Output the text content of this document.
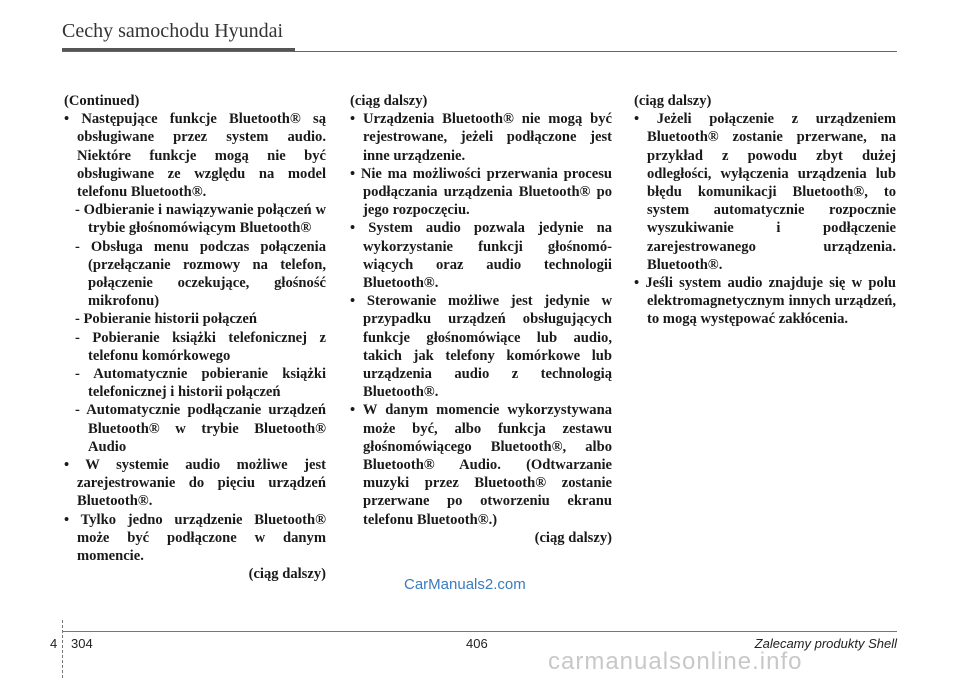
Cechy samochodu Hyundai

(Continued)

• Następujące funkcje Bluetooth® są obsługiwane przez system audio. Niektóre funkcje mogą nie być obsługiwane ze względu na model telefonu Bluetooth®.

- Odbieranie i nawiązywanie połączeń w trybie głośnomówiącym Bluetooth®

- Obsługa menu podczas połączenia (przełączanie rozmowy na telefon, połączenie oczekujące, głośność mikrofonu)

- Pobieranie historii połączeń

- Pobieranie książki telefonicznej z telefonu komórkowego

- Automatycznie pobieranie książki telefonicznej i historii połączeń

- Automatycznie podłączanie urządzeń Bluetooth® w trybie Bluetooth® Audio

• W systemie audio możliwe jest zarejestrowanie do pięciu urządzeń Bluetooth®.

• Tylko jedno urządzenie Bluetooth® może być podłączone w danym momencie.

(ciąg dalszy)

(ciąg dalszy)

• Urządzenia Bluetooth® nie mogą być rejestrowane, jeżeli podłączone jest inne urządzenie.

• Nie ma możliwości przerwania procesu podłączania urządzenia Bluetooth® po jego rozpoczęciu.

• System audio pozwala jedynie na wykorzystanie funkcji głośnomówiących oraz audio technologii Bluetooth®.

• Sterowanie możliwe jest jedynie w przypadku urządzeń obsługujących funkcje głośnomówiące lub audio, takich jak telefony komórkowe lub urządzenia audio z technologią Bluetooth®.

• W danym momencie wykorzystywana może być, albo funkcja zestawu głośnomówiącego Bluetooth®, albo Bluetooth® Audio. (Odtwarzanie muzyki przez Bluetooth® zostanie przerwane po otworzeniu ekranu telefonu Bluetooth®.)

(ciąg dalszy)

(ciąg dalszy)

• Jeżeli połączenie z urządzeniem Bluetooth® zostanie przerwane, na przykład z powodu zbyt dużej odległości, wyłączenia urządzenia lub błędu komunikacji Bluetooth®, to system automatycznie rozpocznie wyszukiwanie i podłączenie zarejestrowanego urządzenia. Bluetooth®.

• Jeśli system audio znajduje się w polu elektromagnetycznym innych urządzeń, to mogą występować zakłócenia.

CarManuals2.com
4 304	406	Zalecamy produkty Shell
carmanualsonline.info
